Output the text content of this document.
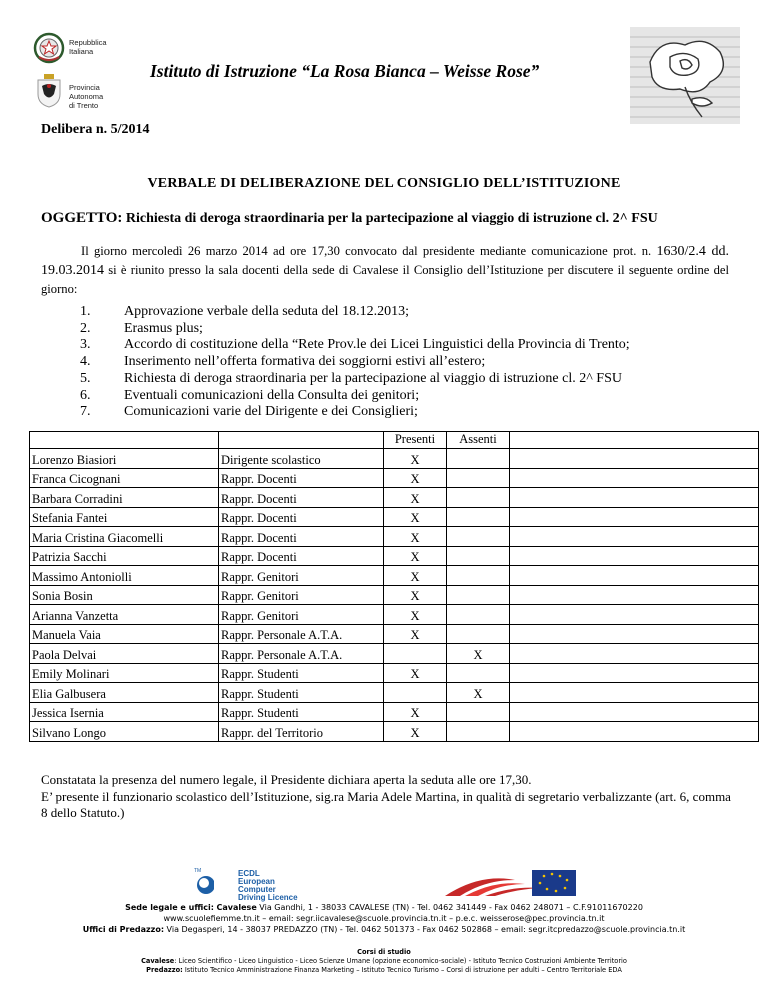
Repubblica
Italiana
Provincia
Autonoma
di Trento
Istituto di Istruzione “La Rosa Bianca – Weisse Rose”
Delibera n. 5/2014
VERBALE DI DELIBERAZIONE DEL CONSIGLIO DELL’ISTITUZIONE
OGGETTO: Richiesta di deroga straordinaria per la partecipazione al viaggio di istruzione cl. 2^ FSU
Il giorno mercoledì 26 marzo 2014 ad ore 17,30 convocato dal presidente mediante comunicazione prot. n. 1630/2.4 dd. 19.03.2014 si è riunito presso la sala docenti della sede di Cavalese il Consiglio dell’Istituzione per discutere il seguente ordine del giorno:
1.	Approvazione verbale della seduta del 18.12.2013;
2.	Erasmus plus;
3.	Accordo di costituzione della “Rete Prov.le dei Licei Linguistici della Provincia di Trento;
4.	Inserimento nell’offerta formativa dei soggiorni estivi all’estero;
5.	Richiesta di deroga straordinaria per la partecipazione al viaggio di istruzione cl. 2^ FSU
6.	Eventuali comunicazioni della Consulta dei genitori;
7.	Comunicazioni varie del Dirigente e dei Consiglieri;
		Presenti	Assenti	
Lorenzo Biasiori	Dirigente scolastico	X		
Franca Cicognani	Rappr. Docenti	X		
Barbara Corradini	Rappr. Docenti	X		
Stefania Fantei	Rappr. Docenti	X		
Maria Cristina Giacomelli	Rappr. Docenti	X		
Patrizia Sacchi	Rappr. Docenti	X		
Massimo Antoniolli	Rappr. Genitori	X		
Sonia Bosin	Rappr. Genitori	X		
Arianna Vanzetta	Rappr. Genitori	X		
Manuela Vaia	Rappr. Personale A.T.A.	X		
Paola Delvai	Rappr. Personale A.T.A.		X	
Emily Molinari	Rappr. Studenti	X		
Elia Galbusera	Rappr. Studenti		X	
Jessica Isernia	Rappr. Studenti	X		
Silvano Longo	Rappr. del Territorio	X		
Constatata la presenza del numero legale, il Presidente dichiara aperta la seduta alle ore 17,30.
E’ presente il funzionario scolastico dell’Istituzione, sig.ra Maria Adele Martina, in qualità di segretario verbalizzante (art. 6, comma 8 dello Statuto.)
TM	ECDL
European Computer
Driving Licence
Sede legale e uffici: Cavalese Via Gandhi, 1 - 38033 CAVALESE (TN) - Tel. 0462 341449 - Fax 0462 248071 – C.F.91011670220
www.scuolefiemme.tn.it – email: segr.iicavalese@scuole.provincia.tn.it – p.e.c. weisserose@pec.provincia.tn.it
Uffici di Predazzo: Via Degasperi, 14 - 38037 PREDAZZO (TN) - Tel. 0462 501373 - Fax 0462 502868 – email: segr.itcpredazzo@scuole.provincia.tn.it
Corsi di studio
Cavalese: Liceo Scientifico - Liceo Linguistico - Liceo Scienze Umane (opzione economico-sociale) - Istituto Tecnico Costruzioni Ambiente Territorio
Predazzo: Istituto Tecnico Amministrazione Finanza Marketing – Istituto Tecnico Turismo – Corsi di istruzione per adulti – Centro Territoriale EDA
